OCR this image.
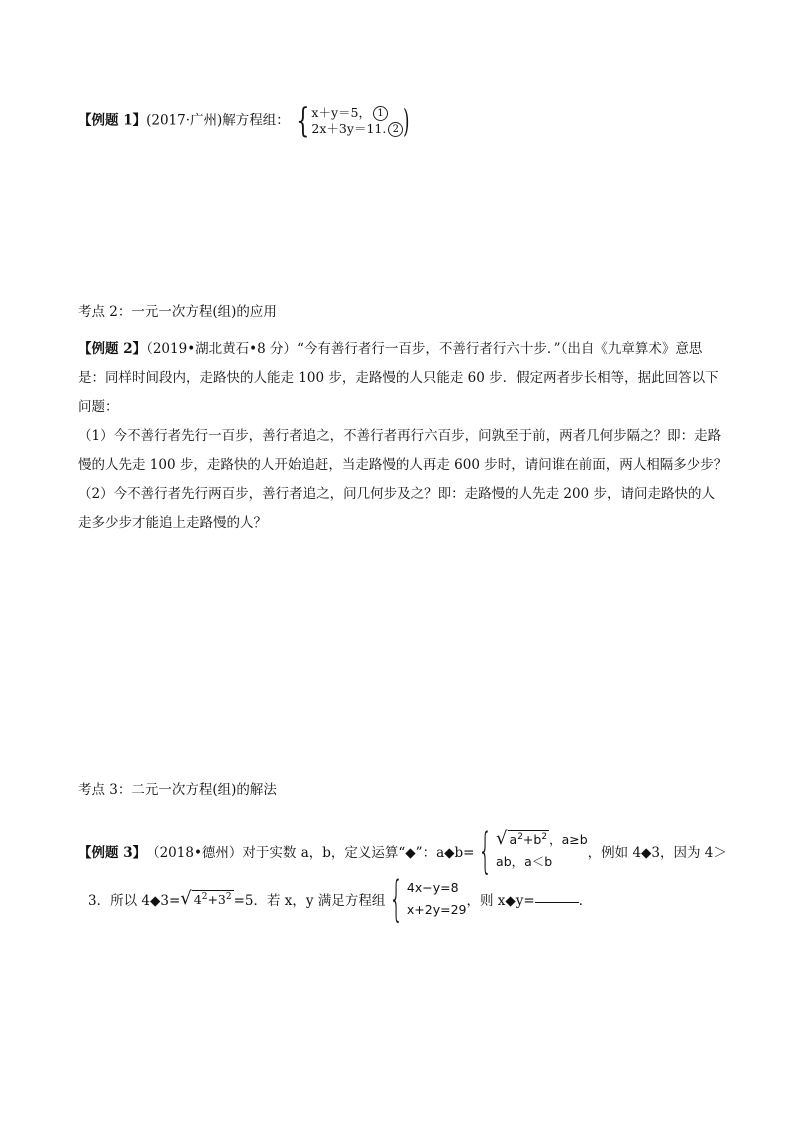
【例题 1】(2017·广州)解方程组： { x＋y＝5， 1
2x＋3y＝11. 2 )
考点 2：一元一次方程(组)的应用

【例题 2】（2019•湖北黄石•8 分）“今有善行者行一百步，不善行者行六十步．”（出自《九章算术》意思是：同样时间段内，走路快的人能走 100 步，走路慢的人只能走 60 步．假定两者步长相等，据此回答以下问题：

（1）今不善行者先行一百步，善行者追之，不善行者再行六百步，问孰至于前，两者几何步隔之？即：走路慢的人先走 100 步，走路快的人开始追赶，当走路慢的人再走 600 步时，请问谁在前面，两人相隔多少步？

（2）今不善行者先行两百步，善行者追之，问几何步及之？即：走路慢的人先走 200 步，请问走路快的人走多少步才能追上走路慢的人？

考点 3：二元一次方程(组)的解法
【例题 3】（2018•德州）对于实数 a，b，定义运算“◆”：a◆b= { √ $a^2+b^2$ ，a≥b
ab，a＜b
，例如 4◆3，因为 4＞
3．所以 4◆3= √ $4^2+3^2 =5$．若 x，y 满足方程组 { 4x−y=8
x+2y=29
，则 x◆y=	．
